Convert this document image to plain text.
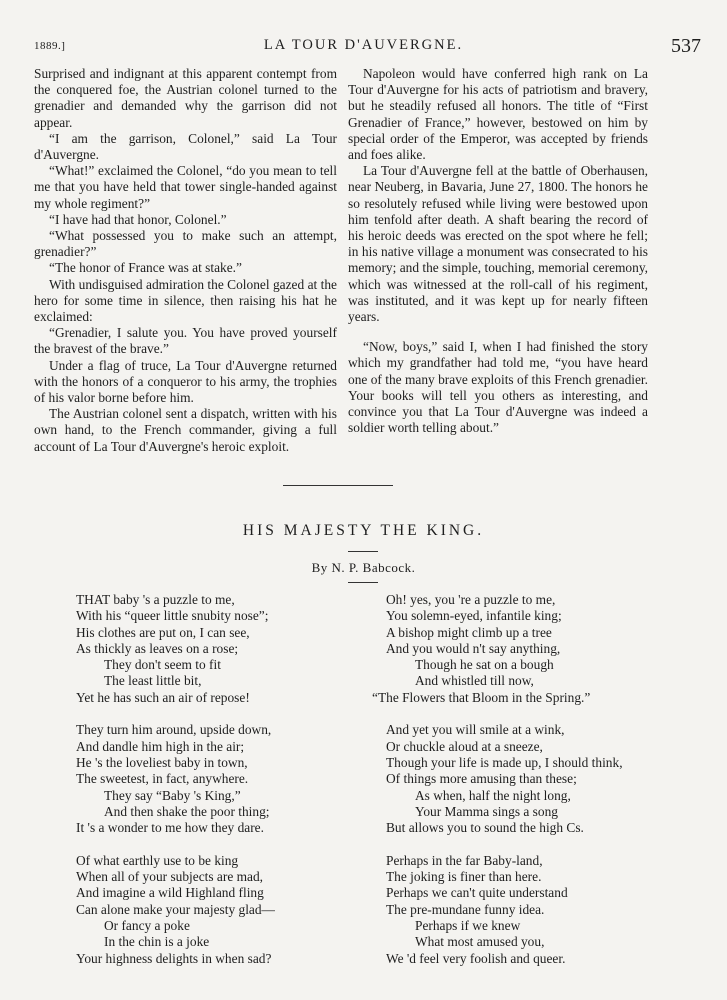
1889.]	LA TOUR D'AUVERGNE.	537

Surprised and indignant at this apparent contempt from the conquered foe, the Austrian colonel turned to the grenadier and demanded why the garrison did not appear.

“I am the garrison, Colonel,” said La Tour d'Auvergne.

“What!” exclaimed the Colonel, “do you mean to tell me that you have held that tower single-handed against my whole regiment?”

“I have had that honor, Colonel.”

“What possessed you to make such an attempt, grenadier?”

“The honor of France was at stake.”

With undisguised admiration the Colonel gazed at the hero for some time in silence, then raising his hat he exclaimed:

“Grenadier, I salute you. You have proved yourself the bravest of the brave.”

Under a flag of truce, La Tour d'Auvergne returned with the honors of a conqueror to his army, the trophies of his valor borne before him.

The Austrian colonel sent a dispatch, written with his own hand, to the French commander, giving a full account of La Tour d'Auvergne's heroic exploit.

Napoleon would have conferred high rank on La Tour d'Auvergne for his acts of patriotism and bravery, but he steadily refused all honors. The title of “First Grenadier of France,” however, bestowed on him by special order of the Emperor, was accepted by friends and foes alike.

La Tour d'Auvergne fell at the battle of Oberhausen, near Neuberg, in Bavaria, June 27, 1800. The honors he so resolutely refused while living were bestowed upon him tenfold after death. A shaft bearing the record of his heroic deeds was erected on the spot where he fell; in his native village a monument was consecrated to his memory; and the simple, touching, memorial ceremony, which was witnessed at the roll-call of his regiment, was instituted, and it was kept up for nearly fifteen years.

“Now, boys,” said I, when I had finished the story which my grandfather had told me, “you have heard one of the many brave exploits of this French grenadier. Your books will tell you others as interesting, and convince you that La Tour d'Auvergne was indeed a soldier worth telling about.”

HIS MAJESTY THE KING.
By N. P. Babcock.
THAT baby 's a puzzle to me,
With his “queer little snubity nose”;
His clothes are put on, I can see,
As thickly as leaves on a rose;
They don't seem to fit
The least little bit,
Yet he has such an air of repose!
They turn him around, upside down,
And dandle him high in the air;
He 's the loveliest baby in town,
The sweetest, in fact, anywhere.
They say “Baby 's King,”
And then shake the poor thing;
It 's a wonder to me how they dare.
Of what earthly use to be king
When all of your subjects are mad,
And imagine a wild Highland fling
Can alone make your majesty glad—
Or fancy a poke
In the chin is a joke
Your highness delights in when sad?
Oh! yes, you 're a puzzle to me,
You solemn-eyed, infantile king;
A bishop might climb up a tree
And you would n't say anything,
Though he sat on a bough
And whistled till now,
“The Flowers that Bloom in the Spring.”
And yet you will smile at a wink,
Or chuckle aloud at a sneeze,
Though your life is made up, I should think,
Of things more amusing than these;
As when, half the night long,
Your Mamma sings a song
But allows you to sound the high Cs.
Perhaps in the far Baby-land,
The joking is finer than here.
Perhaps we can't quite understand
The pre-mundane funny idea.
Perhaps if we knew
What most amused you,
We 'd feel very foolish and queer.
